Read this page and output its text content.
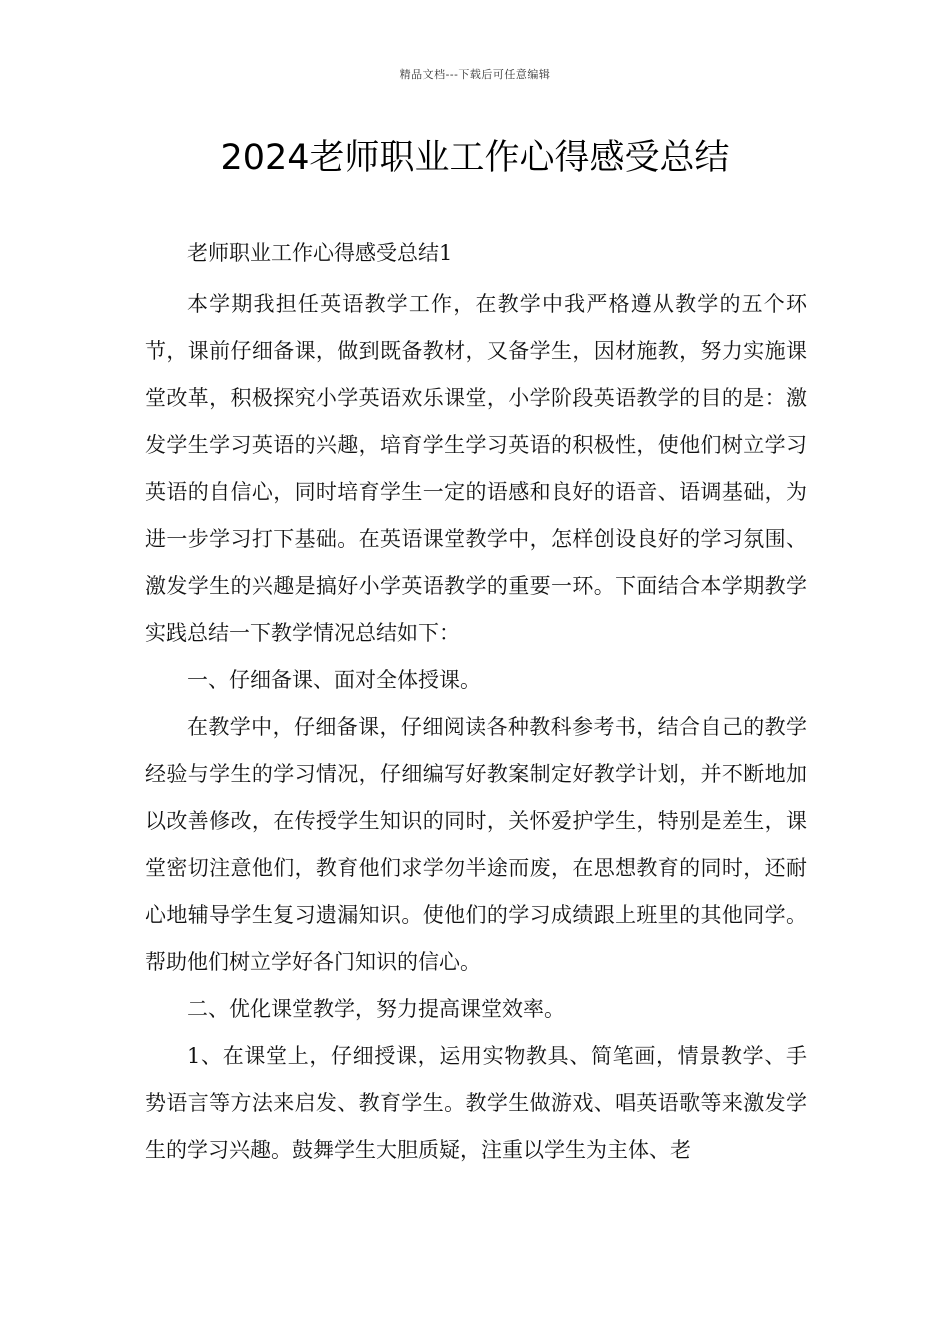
精品文档---下载后可任意编辑
2024老师职业工作心得感受总结

老师职业工作心得感受总结1

本学期我担任英语教学工作，在教学中我严格遵从教学的五个环节，课前仔细备课，做到既备教材，又备学生，因材施教，努力实施课堂改革，积极探究小学英语欢乐课堂，小学阶段英语教学的目的是：激发学生学习英语的兴趣，培育学生学习英语的积极性，使他们树立学习英语的自信心，同时培育学生一定的语感和良好的语音、语调基础，为进一步学习打下基础。在英语课堂教学中，怎样创设良好的学习氛围、激发学生的兴趣是搞好小学英语教学的重要一环。下面结合本学期教学实践总结一下教学情况总结如下：

一、仔细备课、面对全体授课。

在教学中，仔细备课，仔细阅读各种教科参考书，结合自己的教学经验与学生的学习情况，仔细编写好教案制定好教学计划，并不断地加以改善修改，在传授学生知识的同时，关怀爱护学生，特别是差生，课堂密切注意他们，教育他们求学勿半途而废，在思想教育的同时，还耐心地辅导学生复习遗漏知识。使他们的学习成绩跟上班里的其他同学。帮助他们树立学好各门知识的信心。

二、优化课堂教学，努力提高课堂效率。

1、在课堂上，仔细授课，运用实物教具、简笔画，情景教学、手势语言等方法来启发、教育学生。教学生做游戏、唱英语歌等来激发学生的学习兴趣。鼓舞学生大胆质疑，注重以学生为主体、老
